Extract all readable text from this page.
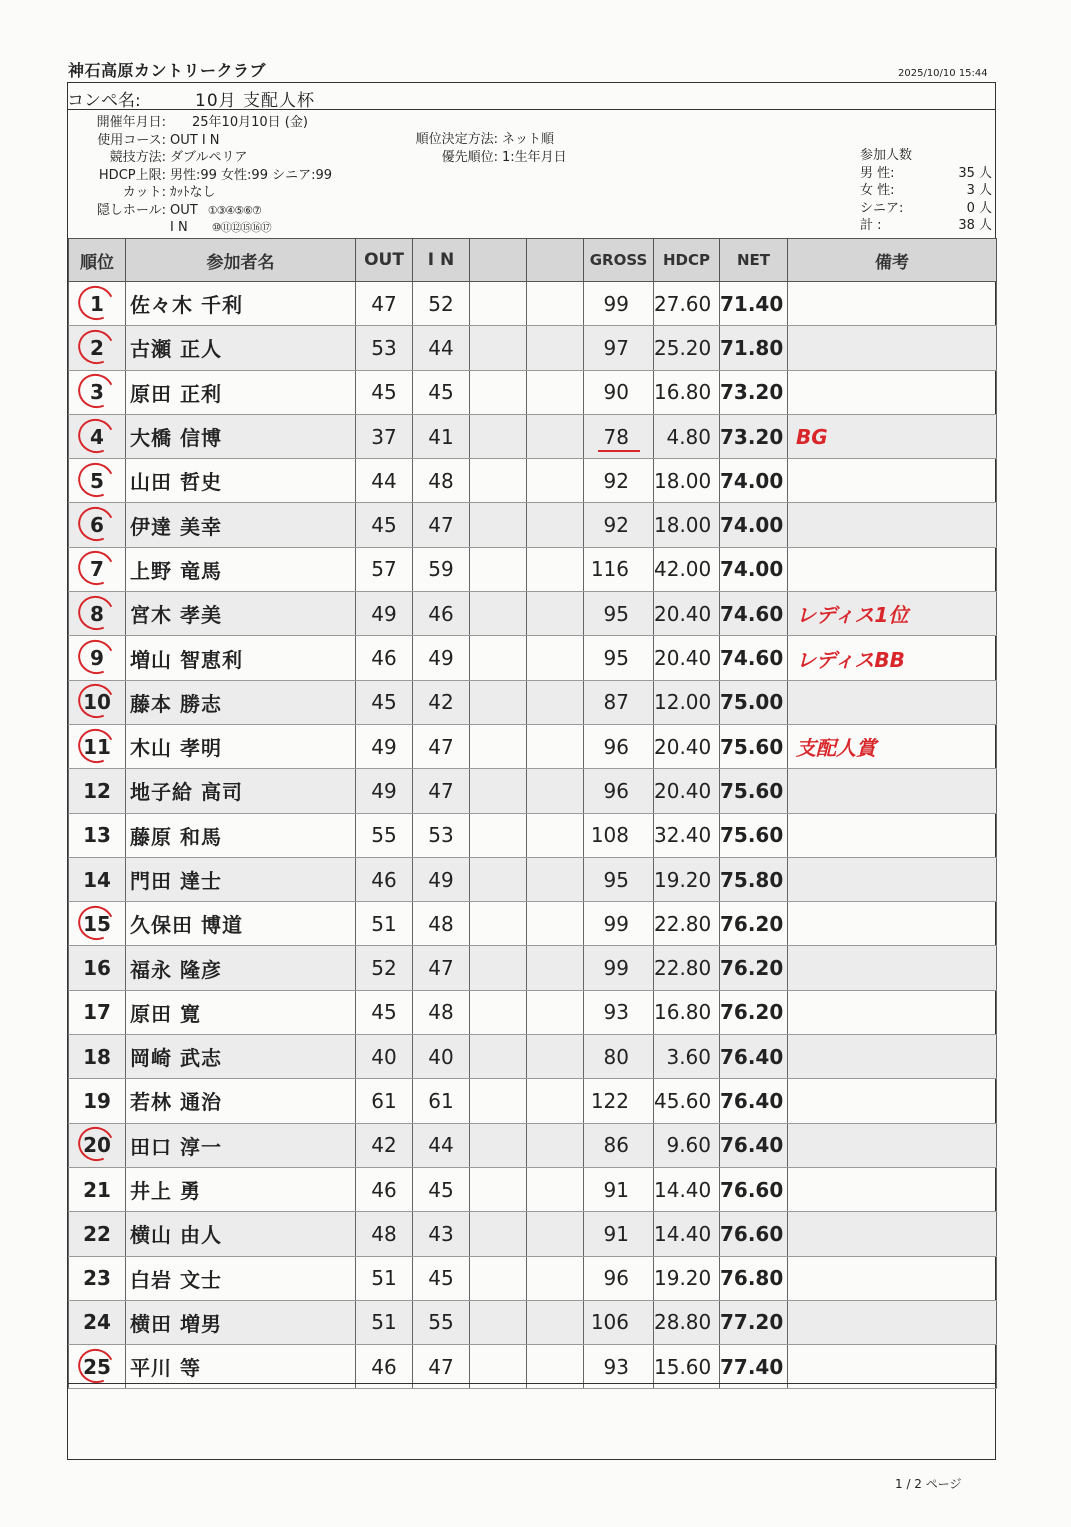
神石高原カントリークラブ	2025/10/10 15:44
コンペ名:	10月 支配人杯
開催年月日: 25年10月10日 (金)
使用コース: OUT I N
競技方法: ダブルペリア
HDCP上限: 男性:99 女性:99 シニア:99
カット: ｶｯﾄなし
隠しホール: OUT ①③④⑤⑥⑦
I N ⑩⑪⑫⑮⑯⑰
順位決定方法: ネット順
優先順位: 1:生年月日	参加人数
男 性:	35 人
女 性:	3 人
シニア:	0 人
計 :	38 人
順位	参加者名	OUT	I N			GROSS	HDCP	NET	備考
1	佐々木 千利	47	52			99	27.60	71.40	
2	古瀬 正人	53	44			97	25.20	71.80	
3	原田 正利	45	45			90	16.80	73.20	
4	大橋 信博	37	41			78	4.80	73.20	BG
5	山田 哲史	44	48			92	18.00	74.00	
6	伊達 美幸	45	47			92	18.00	74.00	
7	上野 竜馬	57	59			116	42.00	74.00	
8	宮木 孝美	49	46			95	20.40	74.60	レディス1位
9	増山 智恵利	46	49			95	20.40	74.60	レディスBB
10	藤本 勝志	45	42			87	12.00	75.00	
11	木山 孝明	49	47			96	20.40	75.60	支配人賞
12	地子給 高司	49	47			96	20.40	75.60	
13	藤原 和馬	55	53			108	32.40	75.60	
14	門田 達士	46	49			95	19.20	75.80	
15	久保田 博道	51	48			99	22.80	76.20	
16	福永 隆彦	52	47			99	22.80	76.20	
17	原田 寛	45	48			93	16.80	76.20	
18	岡崎 武志	40	40			80	3.60	76.40	
19	若林 通治	61	61			122	45.60	76.40	
20	田口 淳一	42	44			86	9.60	76.40	
21	井上 勇	46	45			91	14.40	76.60	
22	横山 由人	48	43			91	14.40	76.60	
23	白岩 文士	51	45			96	19.20	76.80	
24	横田 増男	51	55			106	28.80	77.20	
25	平川 等	46	47			93	15.60	77.40	
1 / 2 ページ
